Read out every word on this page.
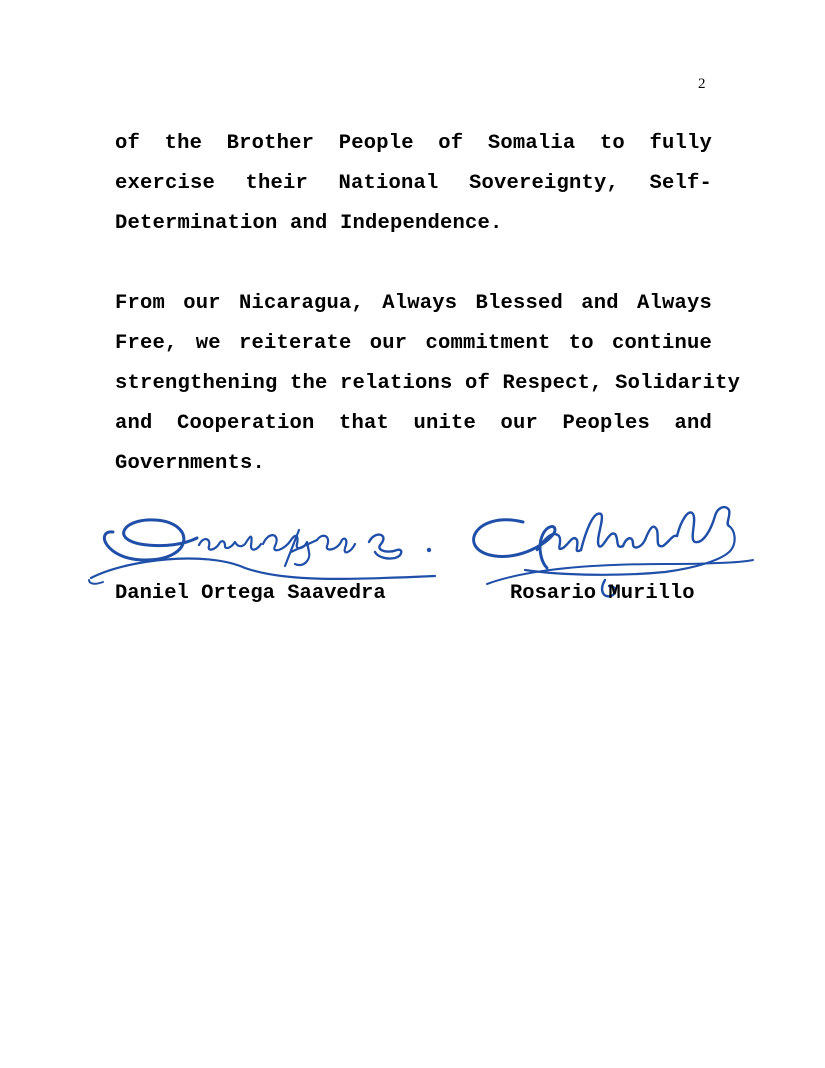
2
of the Brother People of Somalia to fully
exercise their National Sovereignty, Self-
Determination and Independence.
From our Nicaragua, Always Blessed and Always
Free, we reiterate our commitment to continue
strengthening the relations of Respect, Solidarity
and Cooperation that unite our Peoples and
Governments.
Daniel Ortega Saavedra	Rosario Murillo
